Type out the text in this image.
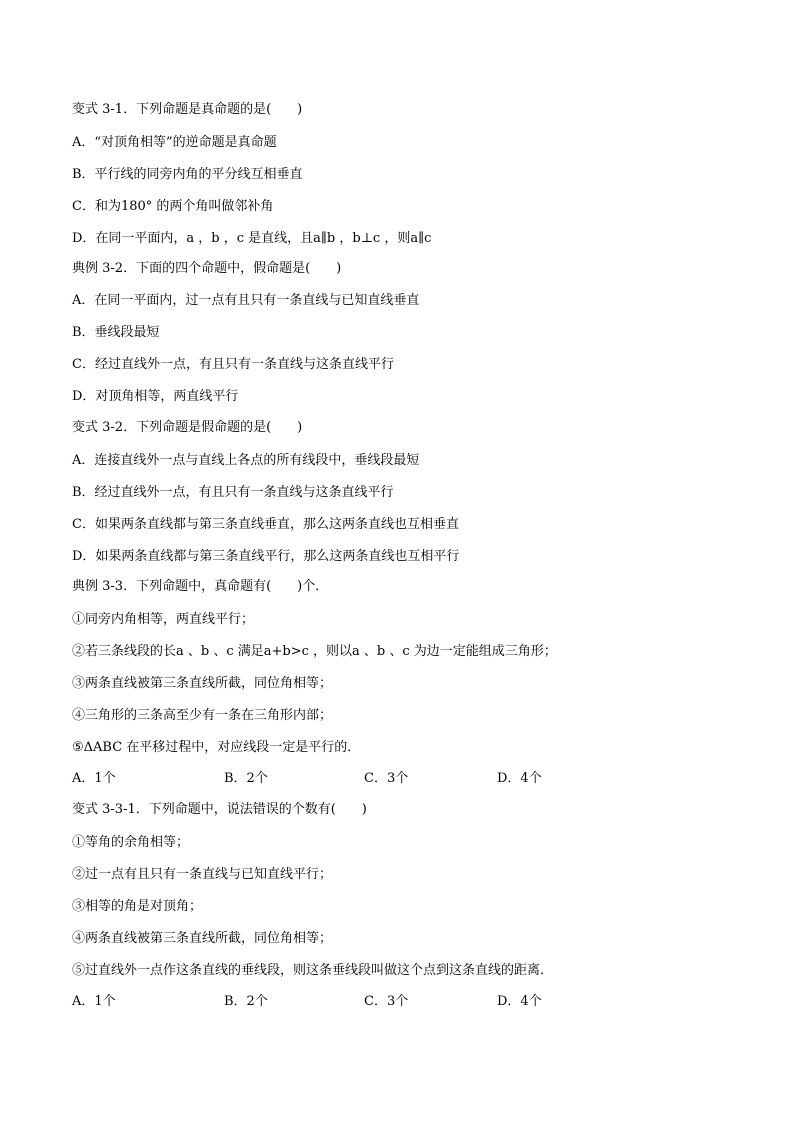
变式 3-1．下列命题是真命题的是(　　)
A．“对顶角相等”的逆命题是真命题
B．平行线的同旁内角的平分线互相垂直
C．和为180° 的两个角叫做邻补角
D．在同一平面内，a ，b ，c 是直线，且a∥b ，b⊥c ，则a∥c
典例 3-2．下面的四个命题中，假命题是(　　)
A．在同一平面内，过一点有且只有一条直线与已知直线垂直
B．垂线段最短
C．经过直线外一点，有且只有一条直线与这条直线平行
D．对顶角相等，两直线平行
变式 3-2．下列命题是假命题的是(　　)
A．连接直线外一点与直线上各点的所有线段中，垂线段最短
B．经过直线外一点，有且只有一条直线与这条直线平行
C．如果两条直线都与第三条直线垂直，那么这两条直线也互相垂直
D．如果两条直线都与第三条直线平行，那么这两条直线也互相平行
典例 3-3．下列命题中，真命题有(　　)个．
①同旁内角相等，两直线平行；
②若三条线段的长a 、b 、c 满足a+b>c ，则以a 、b 、c 为边一定能组成三角形；
③两条直线被第三条直线所截，同位角相等；
④三角形的三条高至少有一条在三角形内部；
⑤ΔABC 在平移过程中，对应线段一定是平行的．
A．1个	B．2个	C．3个	D．4个
变式 3-3-1．下列命题中，说法错误的个数有(　　)
①等角的余角相等；
②过一点有且只有一条直线与已知直线平行；
③相等的角是对顶角；
④两条直线被第三条直线所截，同位角相等；
⑤过直线外一点作这条直线的垂线段，则这条垂线段叫做这个点到这条直线的距离．
A．1个	B．2个	C．3个	D．4个
